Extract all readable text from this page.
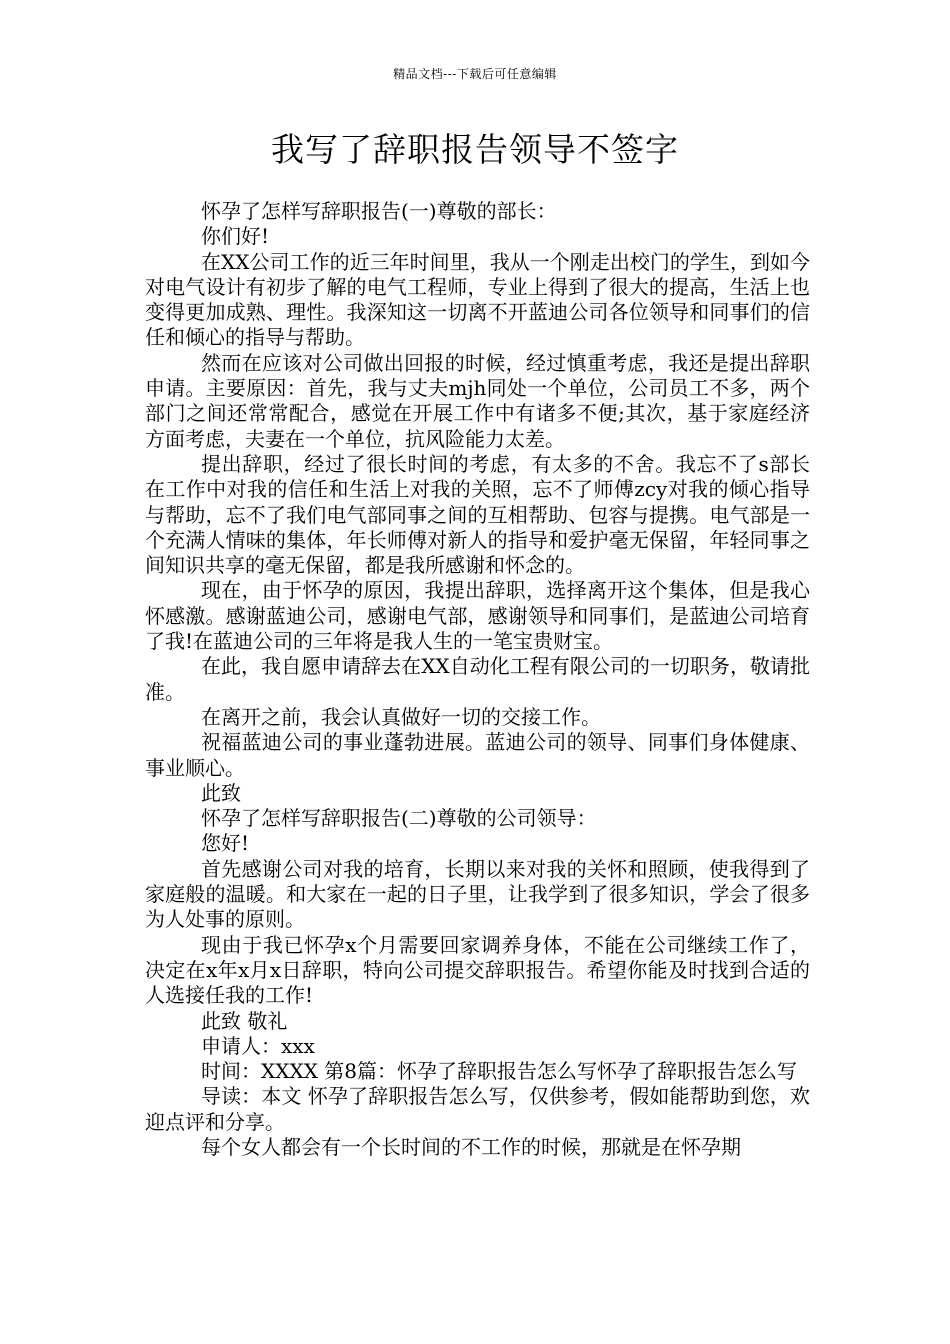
精品文档---下载后可任意编辑
我写了辞职报告领导不签字

怀孕了怎样写辞职报告(一)尊敬的部长：

你们好!

在XX公司工作的近三年时间里，我从一个刚走出校门的学生，到如今对电气设计有初步了解的电气工程师，专业上得到了很大的提高，生活上也变得更加成熟、理性。我深知这一切离不开蓝迪公司各位领导和同事们的信任和倾心的指导与帮助。

然而在应该对公司做出回报的时候，经过慎重考虑，我还是提出辞职申请。主要原因：首先，我与丈夫mjh同处一个单位，公司员工不多，两个部门之间还常常配合，感觉在开展工作中有诸多不便;其次，基于家庭经济方面考虑，夫妻在一个单位，抗风险能力太差。

提出辞职，经过了很长时间的考虑，有太多的不舍。我忘不了s部长在工作中对我的信任和生活上对我的关照，忘不了师傅zcy对我的倾心指导与帮助，忘不了我们电气部同事之间的互相帮助、包容与提携。电气部是一个充满人情味的集体，年长师傅对新人的指导和爱护毫无保留，年轻同事之间知识共享的毫无保留，都是我所感谢和怀念的。

现在，由于怀孕的原因，我提出辞职，选择离开这个集体，但是我心怀感激。感谢蓝迪公司，感谢电气部，感谢领导和同事们，是蓝迪公司培育了我!在蓝迪公司的三年将是我人生的一笔宝贵财宝。

在此，我自愿申请辞去在XX自动化工程有限公司的一切职务，敬请批准。

在离开之前，我会认真做好一切的交接工作。

祝福蓝迪公司的事业蓬勃进展。蓝迪公司的领导、同事们身体健康、事业顺心。

此致

怀孕了怎样写辞职报告(二)尊敬的公司领导：

您好!

首先感谢公司对我的培育，长期以来对我的关怀和照顾，使我得到了家庭般的温暖。和大家在一起的日子里，让我学到了很多知识，学会了很多为人处事的原则。

现由于我已怀孕x个月需要回家调养身体，不能在公司继续工作了，决定在x年x月x日辞职，特向公司提交辞职报告。希望你能及时找到合适的人选接任我的工作!

此致 敬礼

申请人：xxx

时间：XXXX 第8篇：怀孕了辞职报告怎么写怀孕了辞职报告怎么写

导读：本文 怀孕了辞职报告怎么写，仅供参考，假如能帮助到您，欢迎点评和分享。

每个女人都会有一个长时间的不工作的时候，那就是在怀孕期
